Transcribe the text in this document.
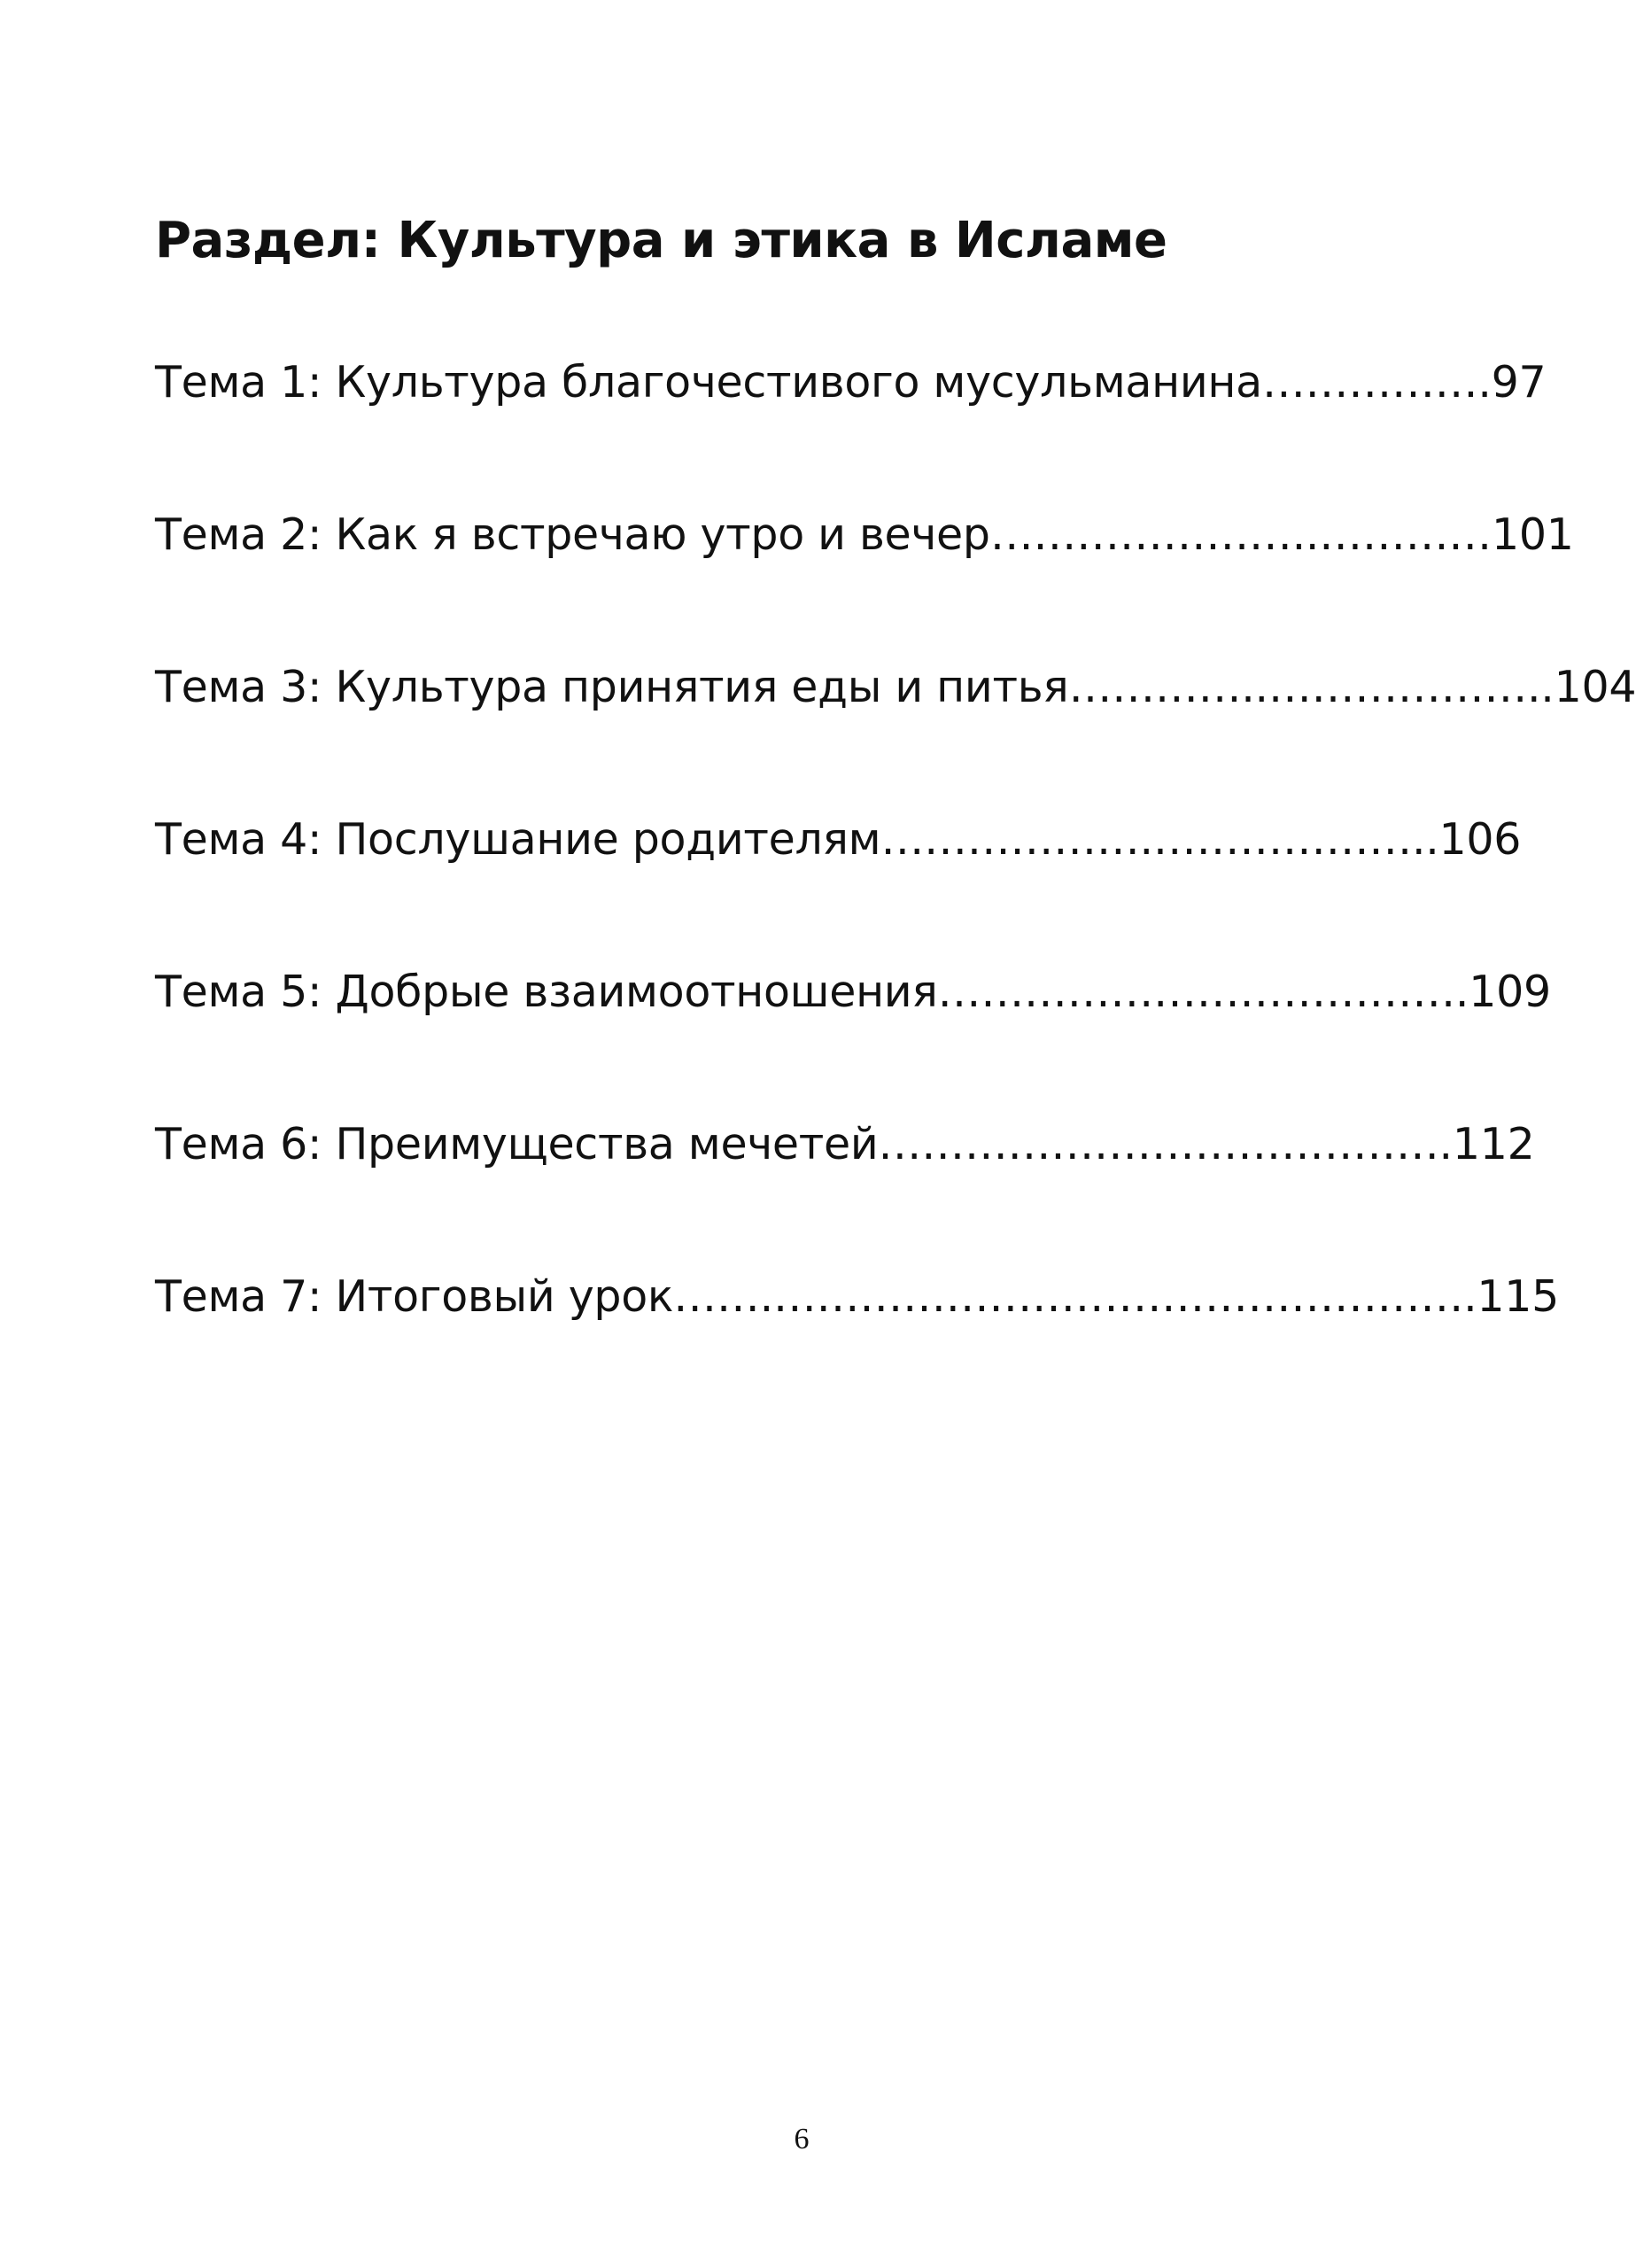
Раздел: Культура и этика в Исламе
Тема 1: Культура благочестивого мусульманина…………….97
Тема 2: Как я встречаю утро и вечер…………………..…………101
Тема 3: Культура принятия еды и питья…………..………………..104
Тема 4: Послушание родителям……………….………………..106
Тема 5: Добрые взаимоотношения……………………………….109
Тема 6: Преимущества мечетей………………………………….112
Тема 7: Итоговый урок…….………………………………………….115
6
